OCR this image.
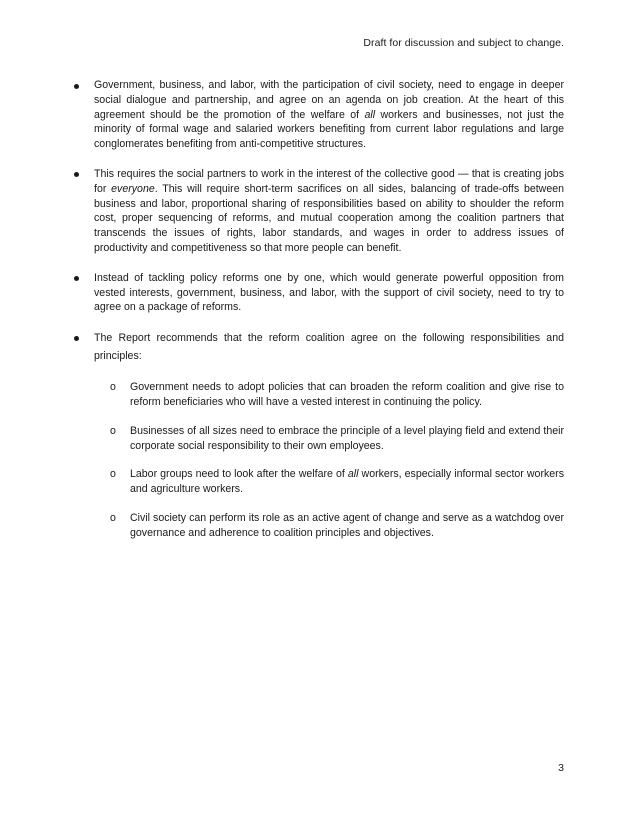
Draft for discussion and subject to change.

Government, business, and labor, with the participation of civil society, need to engage in deeper social dialogue and partnership, and agree on an agenda on job creation. At the heart of this agreement should be the promotion of the welfare of all workers and businesses, not just the minority of formal wage and salaried workers benefiting from current labor regulations and large conglomerates benefiting from anti-competitive structures.

This requires the social partners to work in the interest of the collective good — that is creating jobs for everyone. This will require short-term sacrifices on all sides, balancing of trade-offs between business and labor, proportional sharing of responsibilities based on ability to shoulder the reform cost, proper sequencing of reforms, and mutual cooperation among the coalition partners that transcends the issues of rights, labor standards, and wages in order to address issues of productivity and competitiveness so that more people can benefit.

Instead of tackling policy reforms one by one, which would generate powerful opposition from vested interests, government, business, and labor, with the support of civil society, need to try to agree on a package of reforms.

The Report recommends that the reform coalition agree on the following responsibilities and principles:

o Government needs to adopt policies that can broaden the reform coalition and give rise to reform beneficiaries who will have a vested interest in continuing the policy.

o Businesses of all sizes need to embrace the principle of a level playing field and extend their corporate social responsibility to their own employees.

o Labor groups need to look after the welfare of all workers, especially informal sector workers and agriculture workers.

o Civil society can perform its role as an active agent of change and serve as a watchdog over governance and adherence to coalition principles and objectives.

3
